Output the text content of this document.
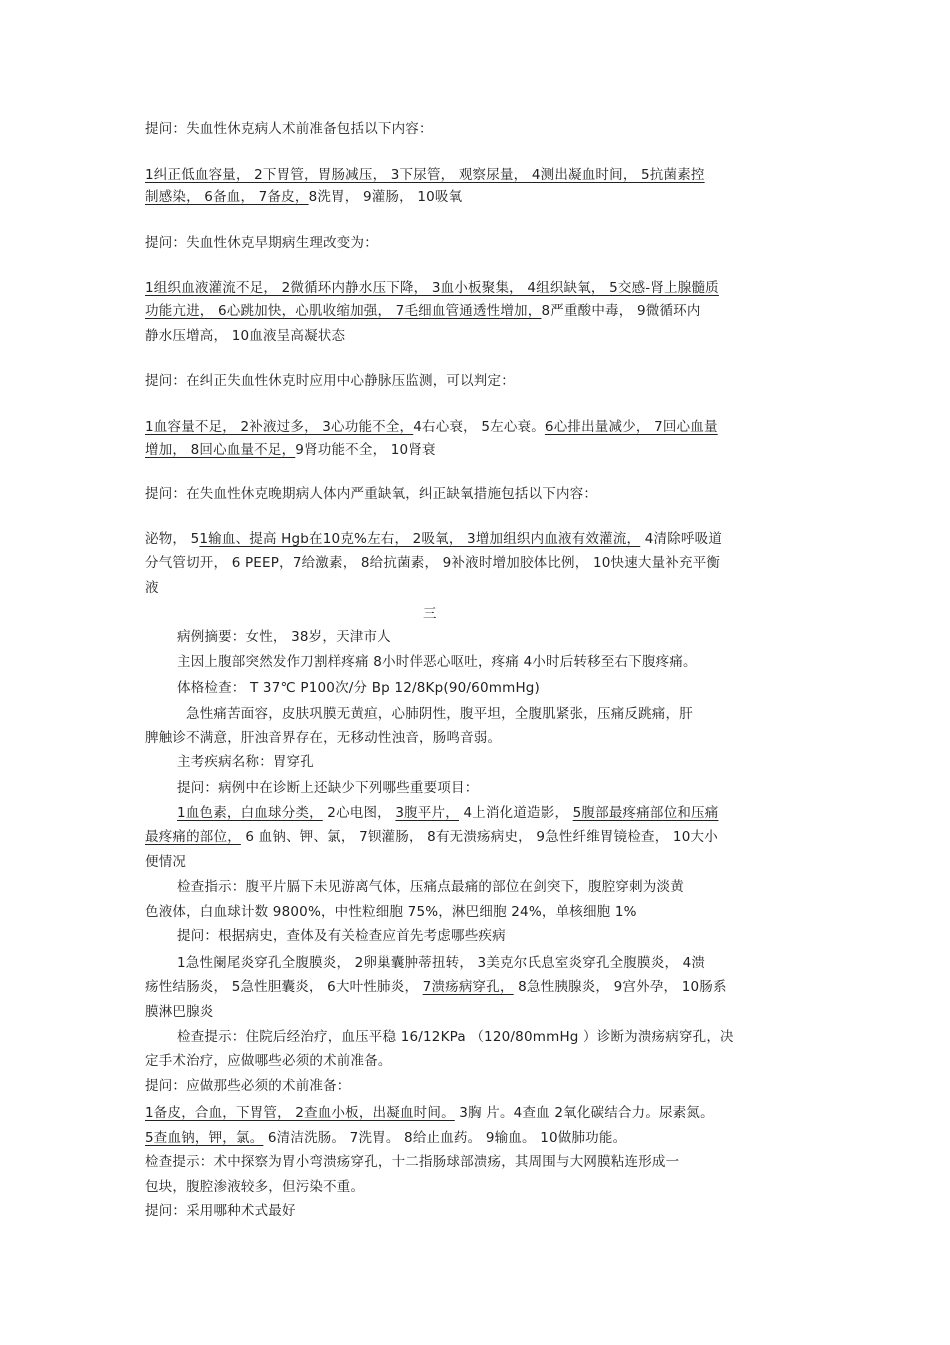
提问：失血性休克病人术前准备包括以下内容：
1纠正低血容量， 2下胃管，胃肠减压， 3下尿管， 观察尿量， 4测出凝血时间， 5抗菌素控
制感染， 6备血， 7备皮，8洗胃， 9灌肠， 10吸氧
提问：失血性休克早期病生理改变为：
1组织血液灌流不足， 2微循环内静水压下降， 3血小板聚集， 4组织缺氧， 5交感-肾上腺髓质
功能亢进， 6心跳加快，心肌收缩加强， 7毛细血管通透性增加，8严重酸中毒， 9微循环内
静水压增高， 10血液呈高凝状态
提问：在纠正失血性休克时应用中心静脉压监测，可以判定：
1血容量不足， 2补液过多， 3心功能不全，4右心衰， 5左心衰。6心排出量减少， 7回心血量
增加， 8回心血量不足，9肾功能不全， 10肾衰
提问：在失血性休克晚期病人体内严重缺氧，纠正缺氧措施包括以下内容：
泌物， 51输血、提高 Hgb在10克%左右， 2吸氧， 3增加组织内血液有效灌流， 4清除呼吸道
分气管切开， 6 PEEP，7给激素， 8给抗菌素， 9补液时增加胶体比例， 10快速大量补充平衡
液
三
病例摘要：女性， 38岁，天津市人
主因上腹部突然发作刀割样疼痛 8小时伴恶心呕吐，疼痛 4小时后转移至右下腹疼痛。
体格检查： T 37℃ P100次/分 Bp 12/8Kp(90/60mmHg)
急性痛苦面容，皮肤巩膜无黄疸，心肺阴性，腹平坦，全腹肌紧张，压痛反跳痛，肝
脾触诊不满意，肝浊音界存在，无移动性浊音，肠鸣音弱。
主考疾病名称：胃穿孔
提问：病例中在诊断上还缺少下列哪些重要项目：
1血色素，白血球分类， 2心电图， 3腹平片， 4上消化道造影， 5腹部最疼痛部位和压痛
最疼痛的部位， 6 血钠、钾、氯， 7钡灌肠， 8有无溃疡病史， 9急性纤维胃镜检查， 10大小
便情况
检查指示：腹平片膈下未见游离气体，压痛点最痛的部位在剑突下，腹腔穿刺为淡黄
色液体，白血球计数 9800%，中性粒细胞 75%，淋巴细胞 24%，单核细胞 1%
提问：根据病史，查体及有关检查应首先考虑哪些疾病
1急性阑尾炎穿孔全腹膜炎， 2卵巢囊肿蒂扭转， 3美克尔氏息室炎穿孔全腹膜炎， 4溃
疡性结肠炎， 5急性胆囊炎， 6大叶性肺炎， 7溃疡病穿孔， 8急性胰腺炎， 9宫外孕， 10肠系
膜淋巴腺炎
检查提示：住院后经治疗，血压平稳 16/12KPa （120/80mmHg ）诊断为溃疡病穿孔，决
定手术治疗，应做哪些必须的术前准备。
提问：应做那些必须的术前准备：
1备皮，合血，下胃管， 2查血小板，出凝血时间。 3胸 片。4查血 2氧化碳结合力。尿素氮。
5查血钠，钾，氯。 6清洁洗肠。 7洗胃。 8给止血药。 9输血。 10做肺功能。
检查提示：术中探察为胃小弯溃疡穿孔，十二指肠球部溃疡，其周围与大网膜粘连形成一
包块，腹腔渗液较多，但污染不重。
提问：采用哪种术式最好
